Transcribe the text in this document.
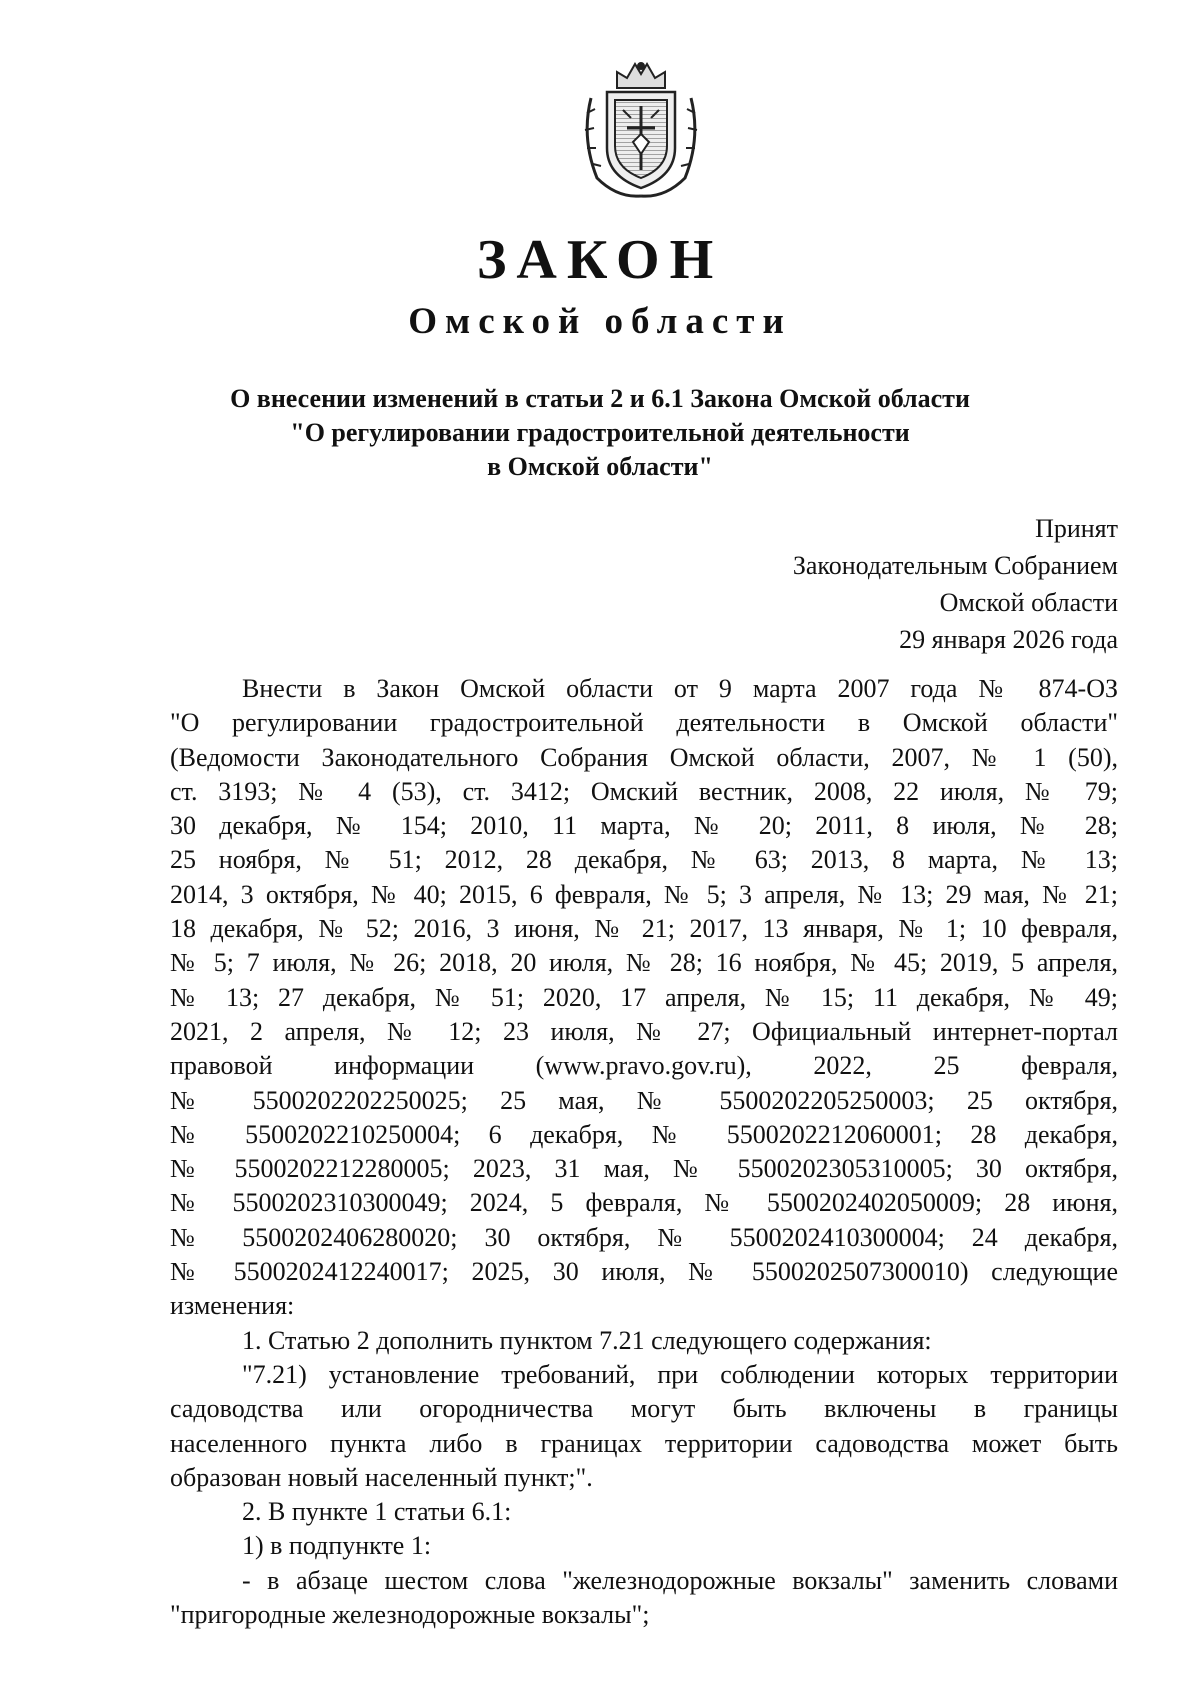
ЗАКОН
Омской области
О внесении изменений в статьи 2 и 6.1 Закона Омской области
"О регулировании градостроительной деятельности
в Омской области"
Принят
Законодательным Собранием
Омской области
29 января 2026 года
Внести в Закон Омской области от 9 марта 2007 года № 874-ОЗ
"О регулировании градостроительной деятельности в Омской области"
(Ведомости Законодательного Собрания Омской области, 2007, № 1 (50),
ст. 3193; № 4 (53), ст. 3412; Омский вестник, 2008, 22 июля, № 79;
30 декабря, № 154; 2010, 11 марта, № 20; 2011, 8 июля, № 28;
25 ноября, № 51; 2012, 28 декабря, № 63; 2013, 8 марта, № 13;
2014, 3 октября, № 40; 2015, 6 февраля, № 5; 3 апреля, № 13; 29 мая, № 21;
18 декабря, № 52; 2016, 3 июня, № 21; 2017, 13 января, № 1; 10 февраля,
№ 5; 7 июля, № 26; 2018, 20 июля, № 28; 16 ноября, № 45; 2019, 5 апреля,
№ 13; 27 декабря, № 51; 2020, 17 апреля, № 15; 11 декабря, № 49;
2021, 2 апреля, № 12; 23 июля, № 27; Официальный интернет-портал
правовой информации (www.pravo.gov.ru), 2022, 25 февраля,
№ 5500202202250025; 25 мая, № 5500202205250003; 25 октября,
№ 5500202210250004; 6 декабря, № 5500202212060001; 28 декабря,
№ 5500202212280005; 2023, 31 мая, № 5500202305310005; 30 октября,
№ 5500202310300049; 2024, 5 февраля, № 5500202402050009; 28 июня,
№ 5500202406280020; 30 октября, № 5500202410300004; 24 декабря,
№ 5500202412240017; 2025, 30 июля, № 5500202507300010) следующие
изменения:
1. Статью 2 дополнить пунктом 7.21 следующего содержания:
"7.21) установление требований, при соблюдении которых территории
садоводства или огородничества могут быть включены в границы
населенного пункта либо в границах территории садоводства может быть
образован новый населенный пункт;".
2. В пункте 1 статьи 6.1:
1) в подпункте 1:
- в абзаце шестом слова "железнодорожные вокзалы" заменить словами
"пригородные железнодорожные вокзалы";
